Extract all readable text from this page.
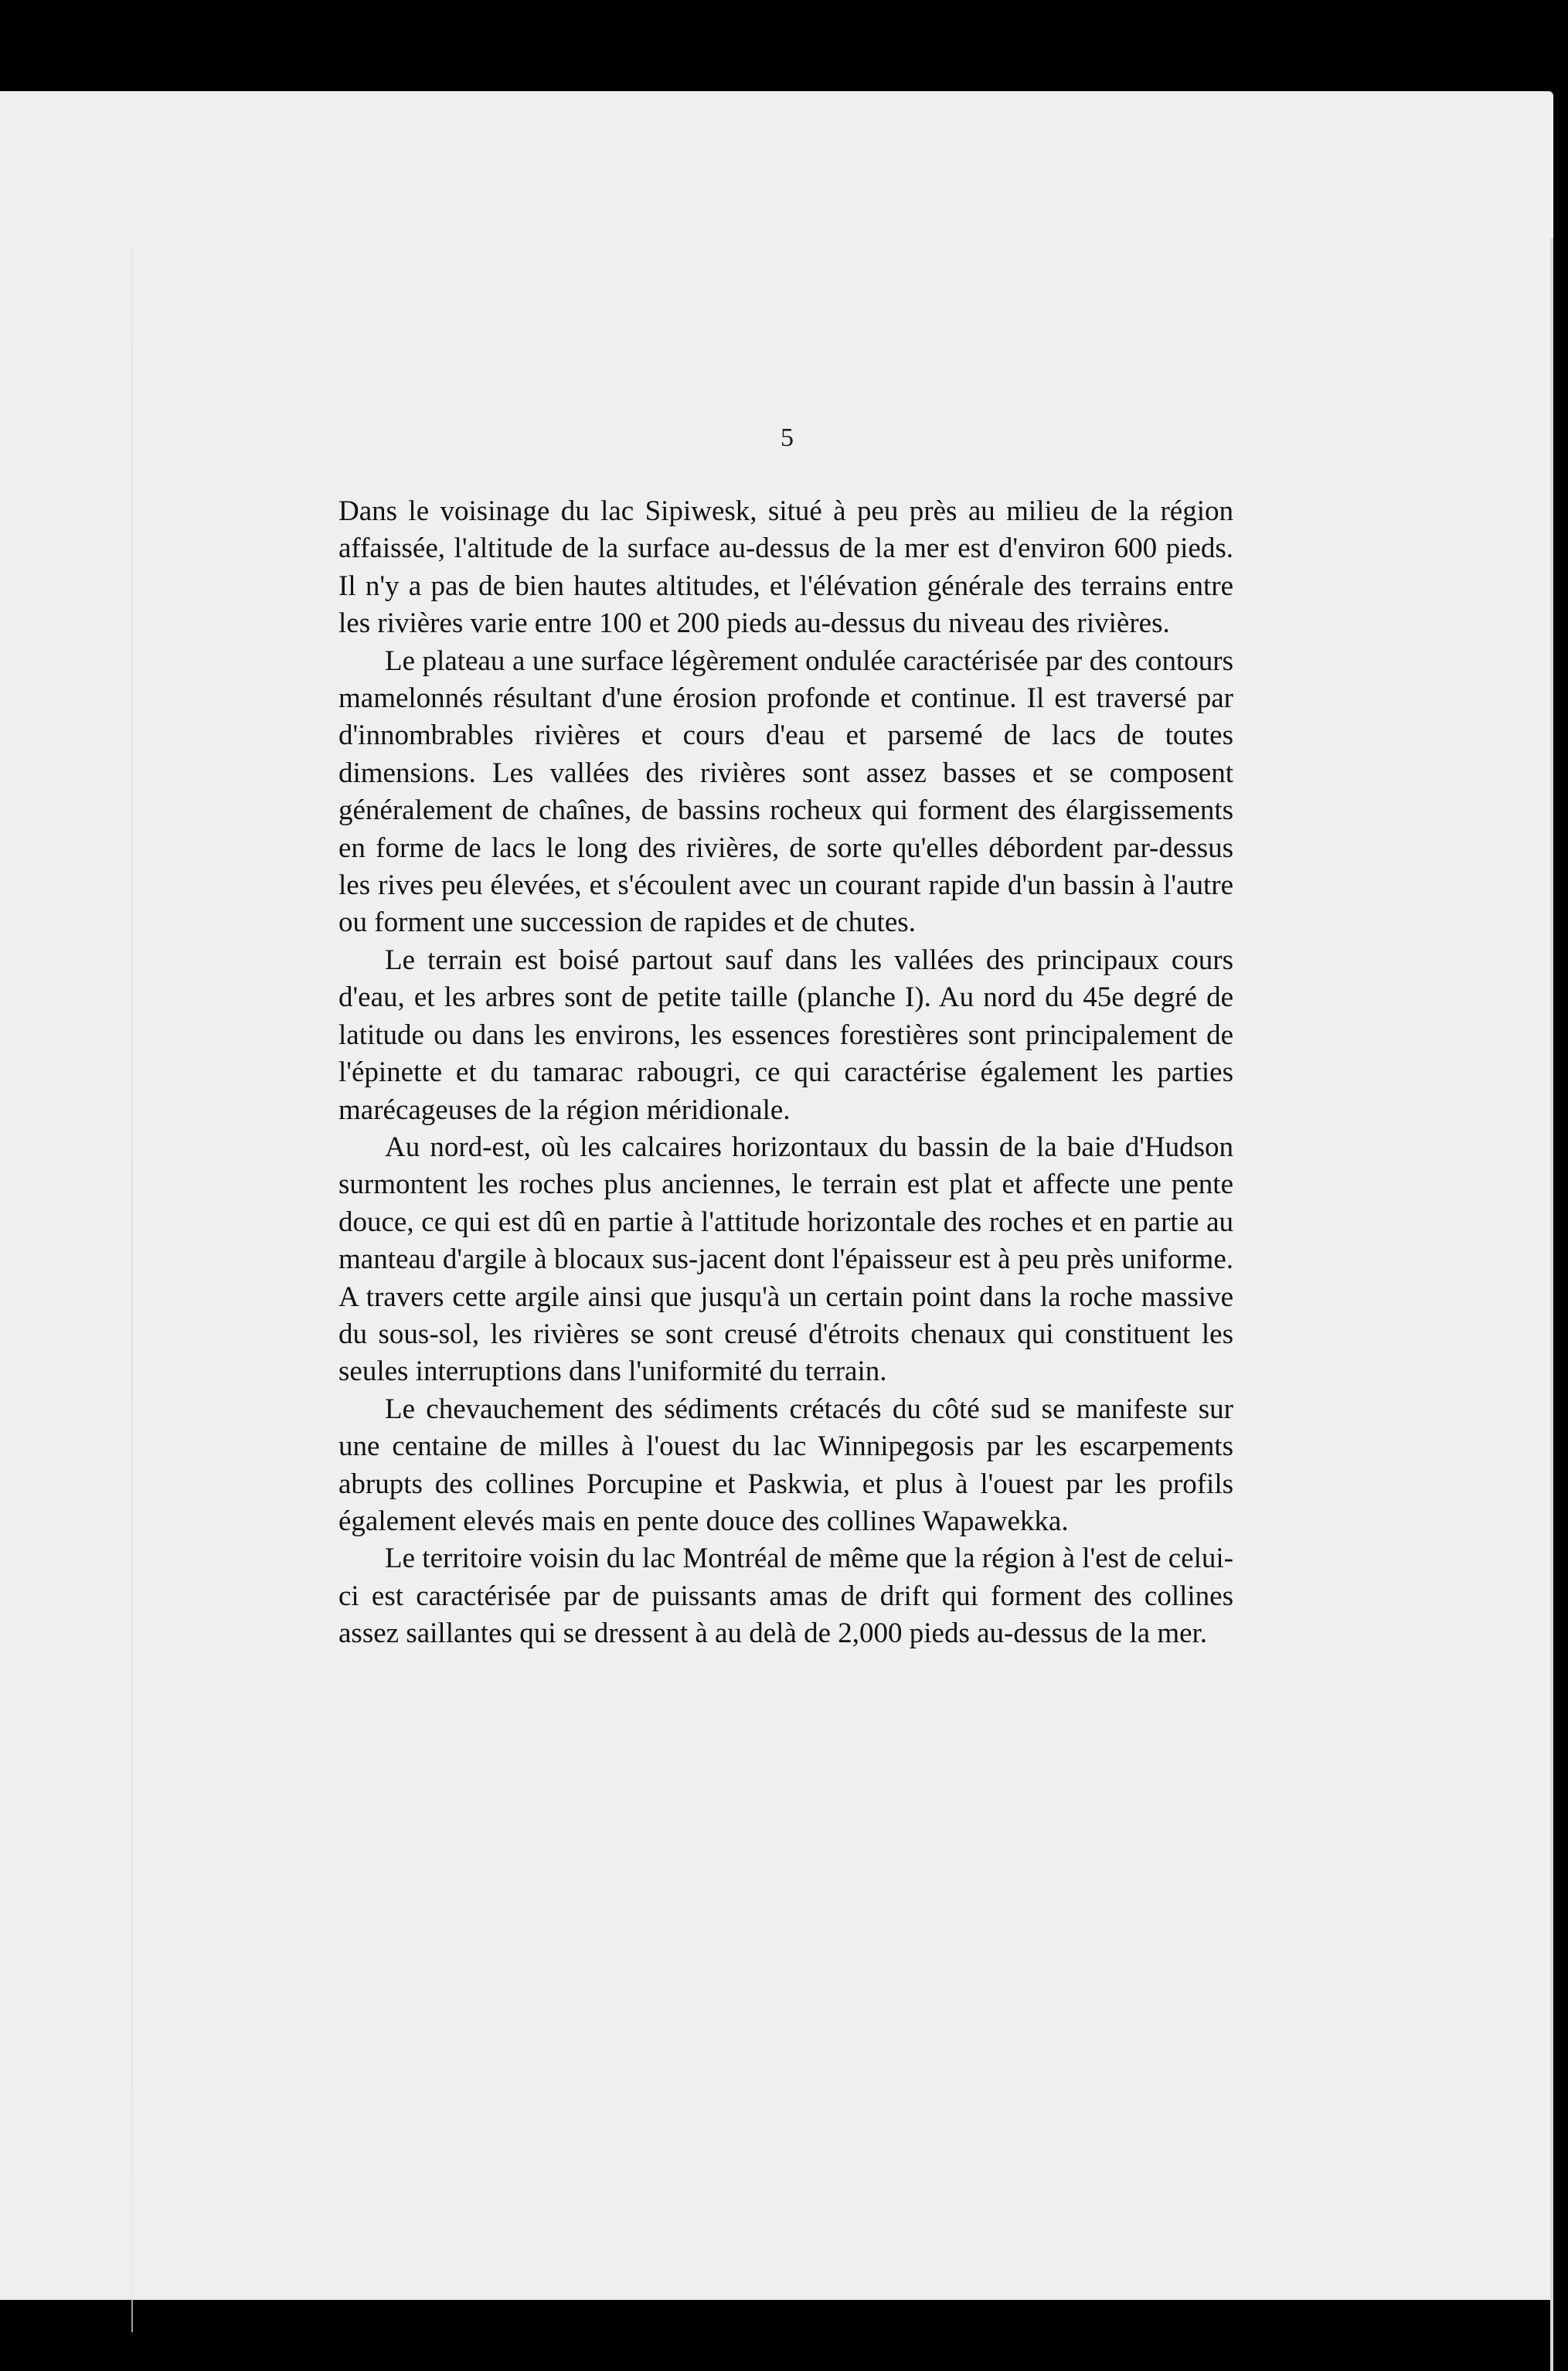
5

Dans le voisinage du lac Sipiwesk, situé à peu près au milieu de la région affaissée, l'altitude de la surface au-dessus de la mer est d'environ 600 pieds. Il n'y a pas de bien hautes altitudes, et l'élévation générale des terrains entre les rivières varie entre 100 et 200 pieds au-dessus du niveau des rivières.

Le plateau a une surface légèrement ondulée caractérisée par des contours mamelonnés résultant d'une érosion profonde et continue. Il est traversé par d'innombrables rivières et cours d'eau et parsemé de lacs de toutes dimensions. Les vallées des rivières sont assez basses et se composent généralement de chaînes, de bassins rocheux qui forment des élargissements en forme de lacs le long des rivières, de sorte qu'elles débordent par-dessus les rives peu élevées, et s'écoulent avec un courant rapide d'un bassin à l'autre ou forment une succession de rapides et de chutes.

Le terrain est boisé partout sauf dans les vallées des principaux cours d'eau, et les arbres sont de petite taille (planche I). Au nord du 45e degré de latitude ou dans les environs, les essences forestières sont principalement de l'épinette et du tamarac rabougri, ce qui caractérise également les parties marécageuses de la région méridionale.

Au nord-est, où les calcaires horizontaux du bassin de la baie d'Hudson surmontent les roches plus anciennes, le terrain est plat et affecte une pente douce, ce qui est dû en partie à l'attitude horizontale des roches et en partie au manteau d'argile à blocaux sus-jacent dont l'épaisseur est à peu près uniforme. A travers cette argile ainsi que jusqu'à un certain point dans la roche massive du sous-sol, les rivières se sont creusé d'étroits chenaux qui constituent les seules interruptions dans l'uniformité du terrain.

Le chevauchement des sédiments crétacés du côté sud se manifeste sur une centaine de milles à l'ouest du lac Winnipegosis par les escarpements abrupts des collines Porcupine et Paskwia, et plus à l'ouest par les profils également elevés mais en pente douce des collines Wapawekka.

Le territoire voisin du lac Montréal de même que la région à l'est de celui-ci est caractérisée par de puissants amas de drift qui forment des collines assez saillantes qui se dressent à au delà de 2,000 pieds au-dessus de la mer.
